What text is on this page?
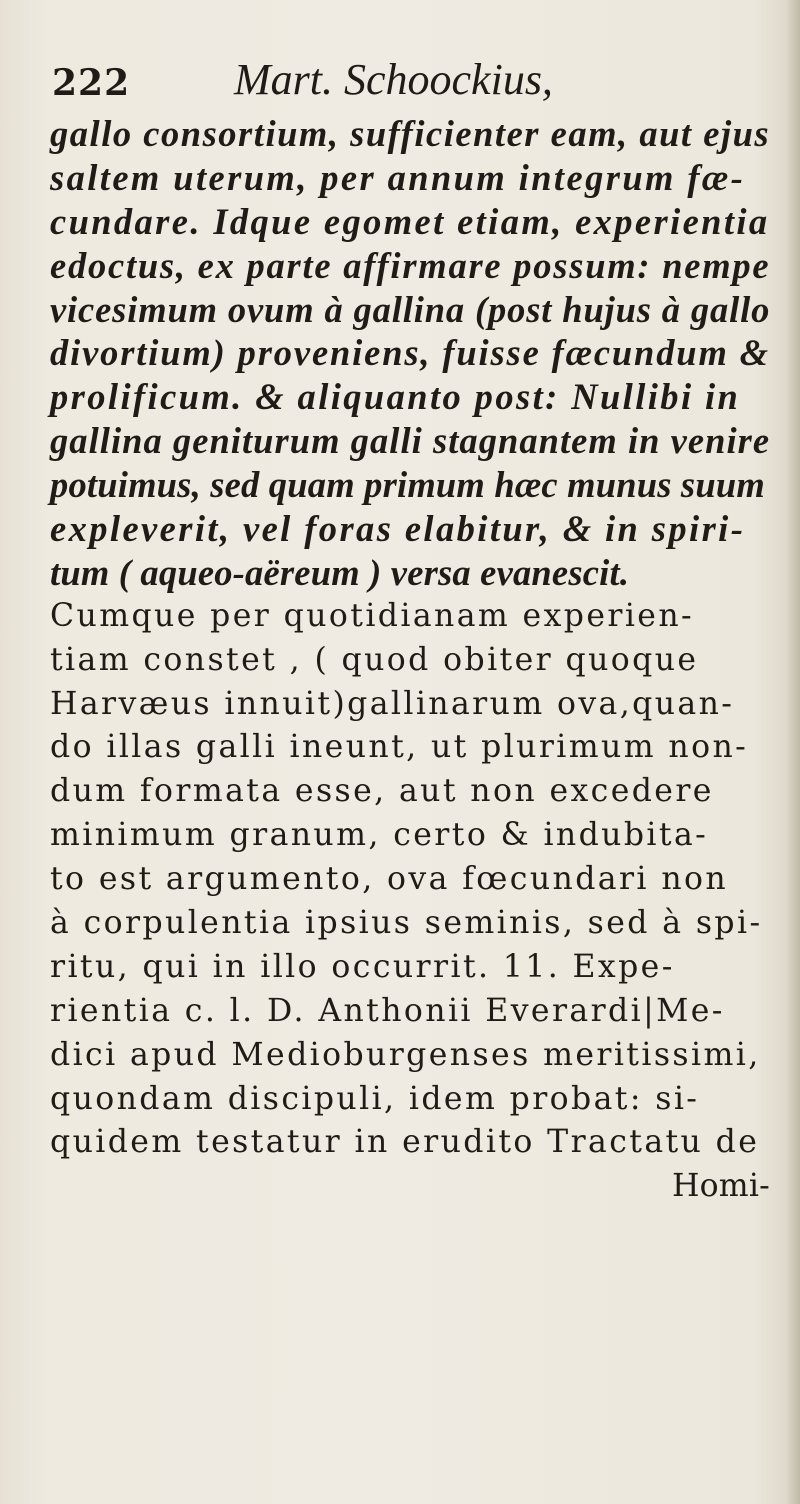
222 Mart. Schoockius,
gallo consortium, sufficienter eam, aut ejus
saltem uterum, per annum integrum fæ-
cundare. Idque egomet etiam, experientia
edoctus, ex parte affirmare possum: nempe
vicesimum ovum à gallina (post hujus à gallo
divortium) proveniens, fuisse fæcundum &
prolificum. & aliquanto post: Nullibi in
gallina geniturum galli stagnantem in venire
potuimus, sed quam primum hæc munus suum
expleverit, vel foras elabitur, & in spiri-
tum ( aqueo-aëreum ) versa evanescit.
Cumque per quotidianam experien-
tiam constet , ( quod obiter quoque
Harvæus innuit)gallinarum ova,quan-
do illas galli ineunt, ut plurimum non-
dum formata esse, aut non excedere
minimum granum, certo & indubita-
to est argumento, ova fœcundari non
à corpulentia ipsius seminis, sed à spi-
ritu, qui in illo occurrit. 11. Expe-
rientia c. l. D. Anthonii Everardi|Me-
dici apud Medioburgenses meritissimi,
quondam discipuli, idem probat: si-
quidem testatur in erudito Tractatu de
Homi-
